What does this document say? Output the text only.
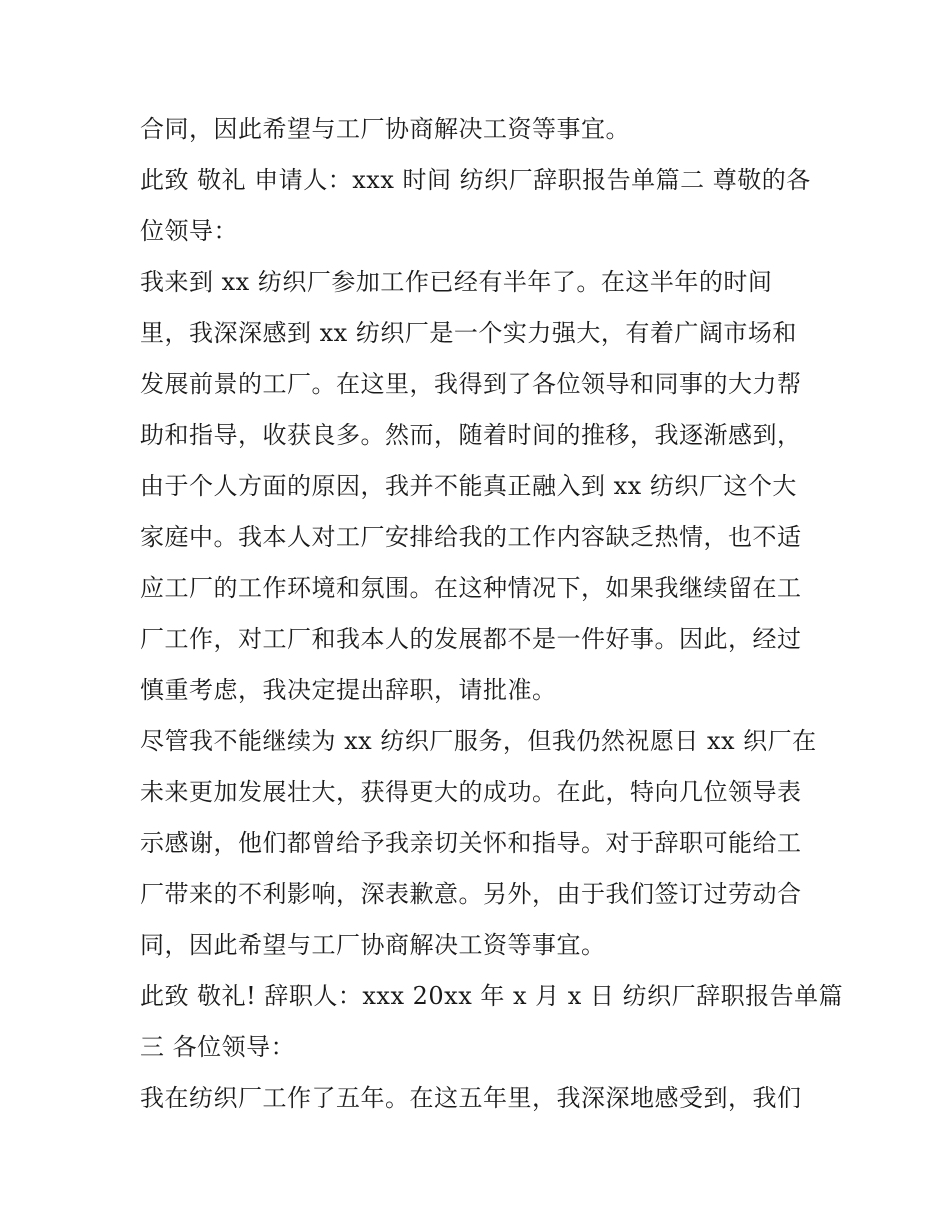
合同，因此希望与工厂协商解决工资等事宜。
此致 敬礼 申请人：xxx 时间 纺织厂辞职报告单篇二 尊敬的各
位领导：
我来到 xx 纺织厂参加工作已经有半年了。在这半年的时间
里，我深深感到 xx 纺织厂是一个实力强大，有着广阔市场和
发展前景的工厂。在这里，我得到了各位领导和同事的大力帮
助和指导，收获良多。然而，随着时间的推移，我逐渐感到，
由于个人方面的原因，我并不能真正融入到 xx 纺织厂这个大
家庭中。我本人对工厂安排给我的工作内容缺乏热情，也不适
应工厂的工作环境和氛围。在这种情况下，如果我继续留在工
厂工作，对工厂和我本人的发展都不是一件好事。因此，经过
慎重考虑，我决定提出辞职，请批准。
尽管我不能继续为 xx 纺织厂服务，但我仍然祝愿日 xx 织厂在
未来更加发展壮大，获得更大的成功。在此，特向几位领导表
示感谢，他们都曾给予我亲切关怀和指导。对于辞职可能给工
厂带来的不利影响，深表歉意。另外，由于我们签订过劳动合
同，因此希望与工厂协商解决工资等事宜。
此致 敬礼! 辞职人：xxx 20xx 年 x 月 x 日 纺织厂辞职报告单篇
三 各位领导：
我在纺织厂工作了五年。在这五年里，我深深地感受到，我们
